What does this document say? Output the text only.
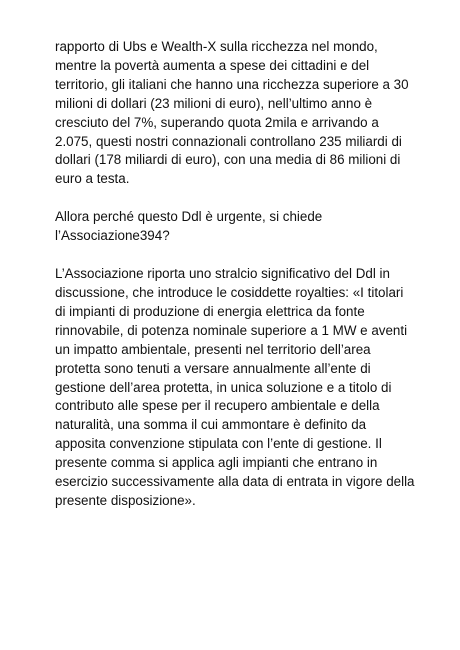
rapporto di Ubs e Wealth-X sulla ricchezza nel mondo, mentre la povertà aumenta a spese dei cittadini e del territorio, gli italiani che hanno una ricchezza superiore a 30 milioni di dollari (23 milioni di euro), nell’ultimo anno è cresciuto del 7%, superando quota 2mila e arrivando a 2.075, questi nostri connazionali controllano 235 miliardi di dollari (178 miliardi di euro), con una media di 86 milioni di euro a testa.

Allora perché questo Ddl è urgente, si chiede l’Associazione394?

L’Associazione riporta uno stralcio significativo del Ddl in discussione, che introduce le cosiddette royalties: «I titolari di impianti di produzione di energia elettrica da fonte rinnovabile, di potenza nominale superiore a 1 MW e aventi un impatto ambientale, presenti nel territorio dell’area protetta sono tenuti a versare annualmente all’ente di gestione dell’area protetta, in unica soluzione e a titolo di contributo alle spese per il recupero ambientale e della naturalità, una somma il cui ammontare è definito da apposita convenzione stipulata con l’ente di gestione. Il presente comma si applica agli impianti che entrano in esercizio successivamente alla data di entrata in vigore della presente disposizione».
